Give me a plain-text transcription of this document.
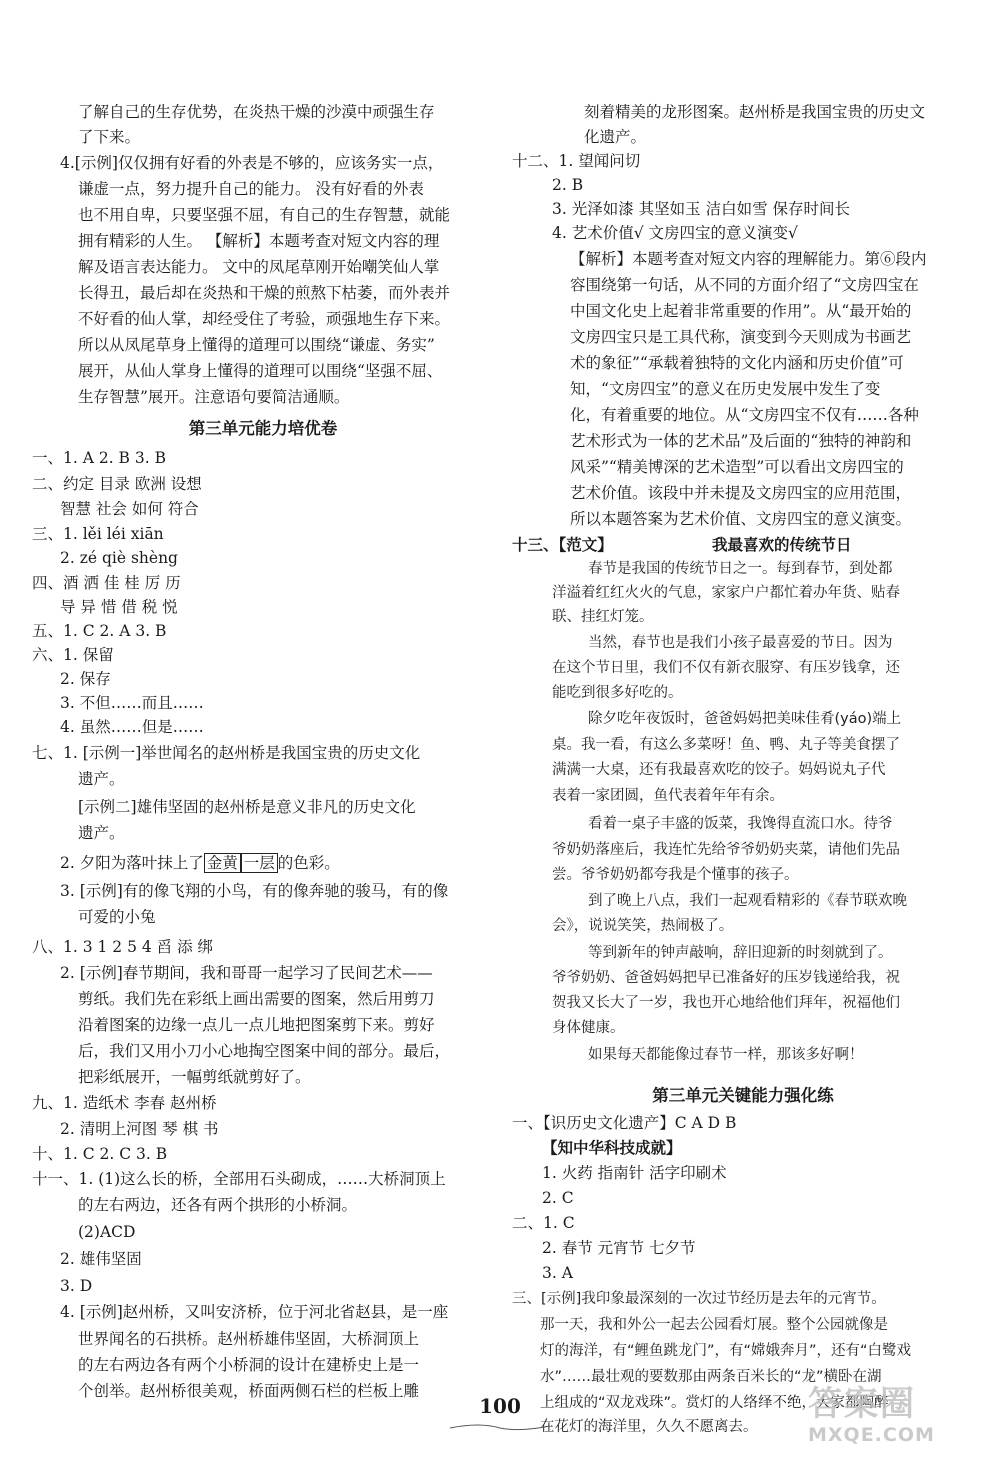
了解自己的生存优势，在炎热干燥的沙漠中顽强生存
了下来。
4.[示例]仅仅拥有好看的外表是不够的，应该务实一点，
谦虚一点，努力提升自己的能力。 没有好看的外表
也不用自卑，只要坚强不屈，有自己的生存智慧，就能
拥有精彩的人生。 【解析】本题考查对短文内容的理
解及语言表达能力。 文中的凤尾草刚开始嘲笑仙人掌
长得丑，最后却在炎热和干燥的煎熬下枯萎，而外表并
不好看的仙人掌，却经受住了考验，顽强地生存下来。
所以从凤尾草身上懂得的道理可以围绕“谦虚、务实”
展开，从仙人掌身上懂得的道理可以围绕“坚强不屈、
生存智慧”展开。注意语句要简洁通顺。
第三单元能力培优卷
一、1. A 2. B 3. B
二、约定 目录 欧洲 设想
智慧 社会 如何 符合
三、1. lěi léi xiān
2. zé qiè shèng
四、酒 洒 佳 桂 厉 历
导 异 惜 借 税 悦
五、1. C 2. A 3. B
六、1. 保留
2. 保存
3. 不但……而且……
4. 虽然……但是……
七、1. [示例一]举世闻名的赵州桥是我国宝贵的历史文化
遗产。
[示例二]雄伟坚固的赵州桥是意义非凡的历史文化
遗产。
2. 夕阳为落叶抹上了 金黄 一层 的色彩。
3. [示例]有的像飞翔的小鸟，有的像奔驰的骏马，有的像
可爱的小兔
八、1. 3 1 2 5 4 舀 添 绑
2. [示例]春节期间，我和哥哥一起学习了民间艺术——
剪纸。我们先在彩纸上画出需要的图案，然后用剪刀
沿着图案的边缘一点儿一点儿地把图案剪下来。剪好
后，我们又用小刀小心地掏空图案中间的部分。最后，
把彩纸展开，一幅剪纸就剪好了。
九、1. 造纸术 李春 赵州桥
2. 清明上河图 琴 棋 书
十、1. C 2. C 3. B
十一、1. (1)这么长的桥，全部用石头砌成，……大桥洞顶上
的左右两边，还各有两个拱形的小桥洞。
(2)ACD
2. 雄伟坚固
3. D
4. [示例]赵州桥，又叫安济桥，位于河北省赵县，是一座
世界闻名的石拱桥。赵州桥雄伟坚固，大桥洞顶上
的左右两边各有两个小桥洞的设计在建桥史上是一
刻着精美的龙形图案。赵州桥是我国宝贵的历史文
化遗产。
十二、1. 望闻问切
2. B
3. 光泽如漆 其坚如玉 洁白如雪 保存时间长
4. 艺术价值√ 文房四宝的意义演变√
【解析】本题考查对短文内容的理解能力。第⑥段内
容围绕第一句话，从不同的方面介绍了“文房四宝在
中国文化史上起着非常重要的作用”。从“最开始的
文房四宝只是工具代称，演变到今天则成为书画艺
术的象征”“承载着独特的文化内涵和历史价值”可
知，“文房四宝”的意义在历史发展中发生了变
化，有着重要的地位。从“文房四宝不仅有……各种
艺术形式为一体的艺术品”及后面的“独特的神韵和
风采”“精美博深的艺术造型”可以看出文房四宝的
艺术价值。该段中并未提及文房四宝的应用范围，
所以本题答案为艺术价值、文房四宝的意义演变。
十三、【范文】	我最喜欢的传统节日
春节是我国的传统节日之一。每到春节，到处都
洋溢着红红火火的气息，家家户户都忙着办年货、贴春
联、挂红灯笼。
当然，春节也是我们小孩子最喜爱的节日。因为
在这个节日里，我们不仅有新衣服穿、有压岁钱拿，还
能吃到很多好吃的。
除夕吃年夜饭时，爸爸妈妈把美味佳肴(yáo)端上
桌。我一看，有这么多菜呀！鱼、鸭、丸子等美食摆了
满满一大桌，还有我最喜欢吃的饺子。妈妈说丸子代
表着一家团圆，鱼代表着年年有余。
看着一桌子丰盛的饭菜，我馋得直流口水。待爷
爷奶奶落座后，我连忙先给爷爷奶奶夹菜，请他们先品
尝。爷爷奶奶都夸我是个懂事的孩子。
到了晚上八点，我们一起观看精彩的《春节联欢晚
会》，说说笑笑，热闹极了。
等到新年的钟声敲响，辞旧迎新的时刻就到了。
爷爷奶奶、爸爸妈妈把早已准备好的压岁钱递给我，祝
贺我又长大了一岁，我也开心地给他们拜年，祝福他们
身体健康。
如果每天都能像过春节一样，那该多好啊！
第三单元关键能力强化练
一、【识历史文化遗产】C A D B
【知中华科技成就】
1. 火药 指南针 活字印刷术
2. C
二、1. C
2. 春节 元宵节 七夕节
3. A
三、[示例]我印象最深刻的一次过节经历是去年的元宵节。
那一天，我和外公一起去公园看灯展。整个公园就像是
灯的海洋，有“鲤鱼跳龙门”，有“嫦娥奔月”，还有“白鹭戏
水”……最壮观的要数那由两条百米长的“龙”横卧在湖
上组成的“双龙戏珠”。赏灯的人络绎不绝，大家都陶醉
在花灯的海洋里，久久不愿离去。
个创举。赵州桥很美观，桥面两侧石栏的栏板上雕
100	答案圈
MXQE.COM
